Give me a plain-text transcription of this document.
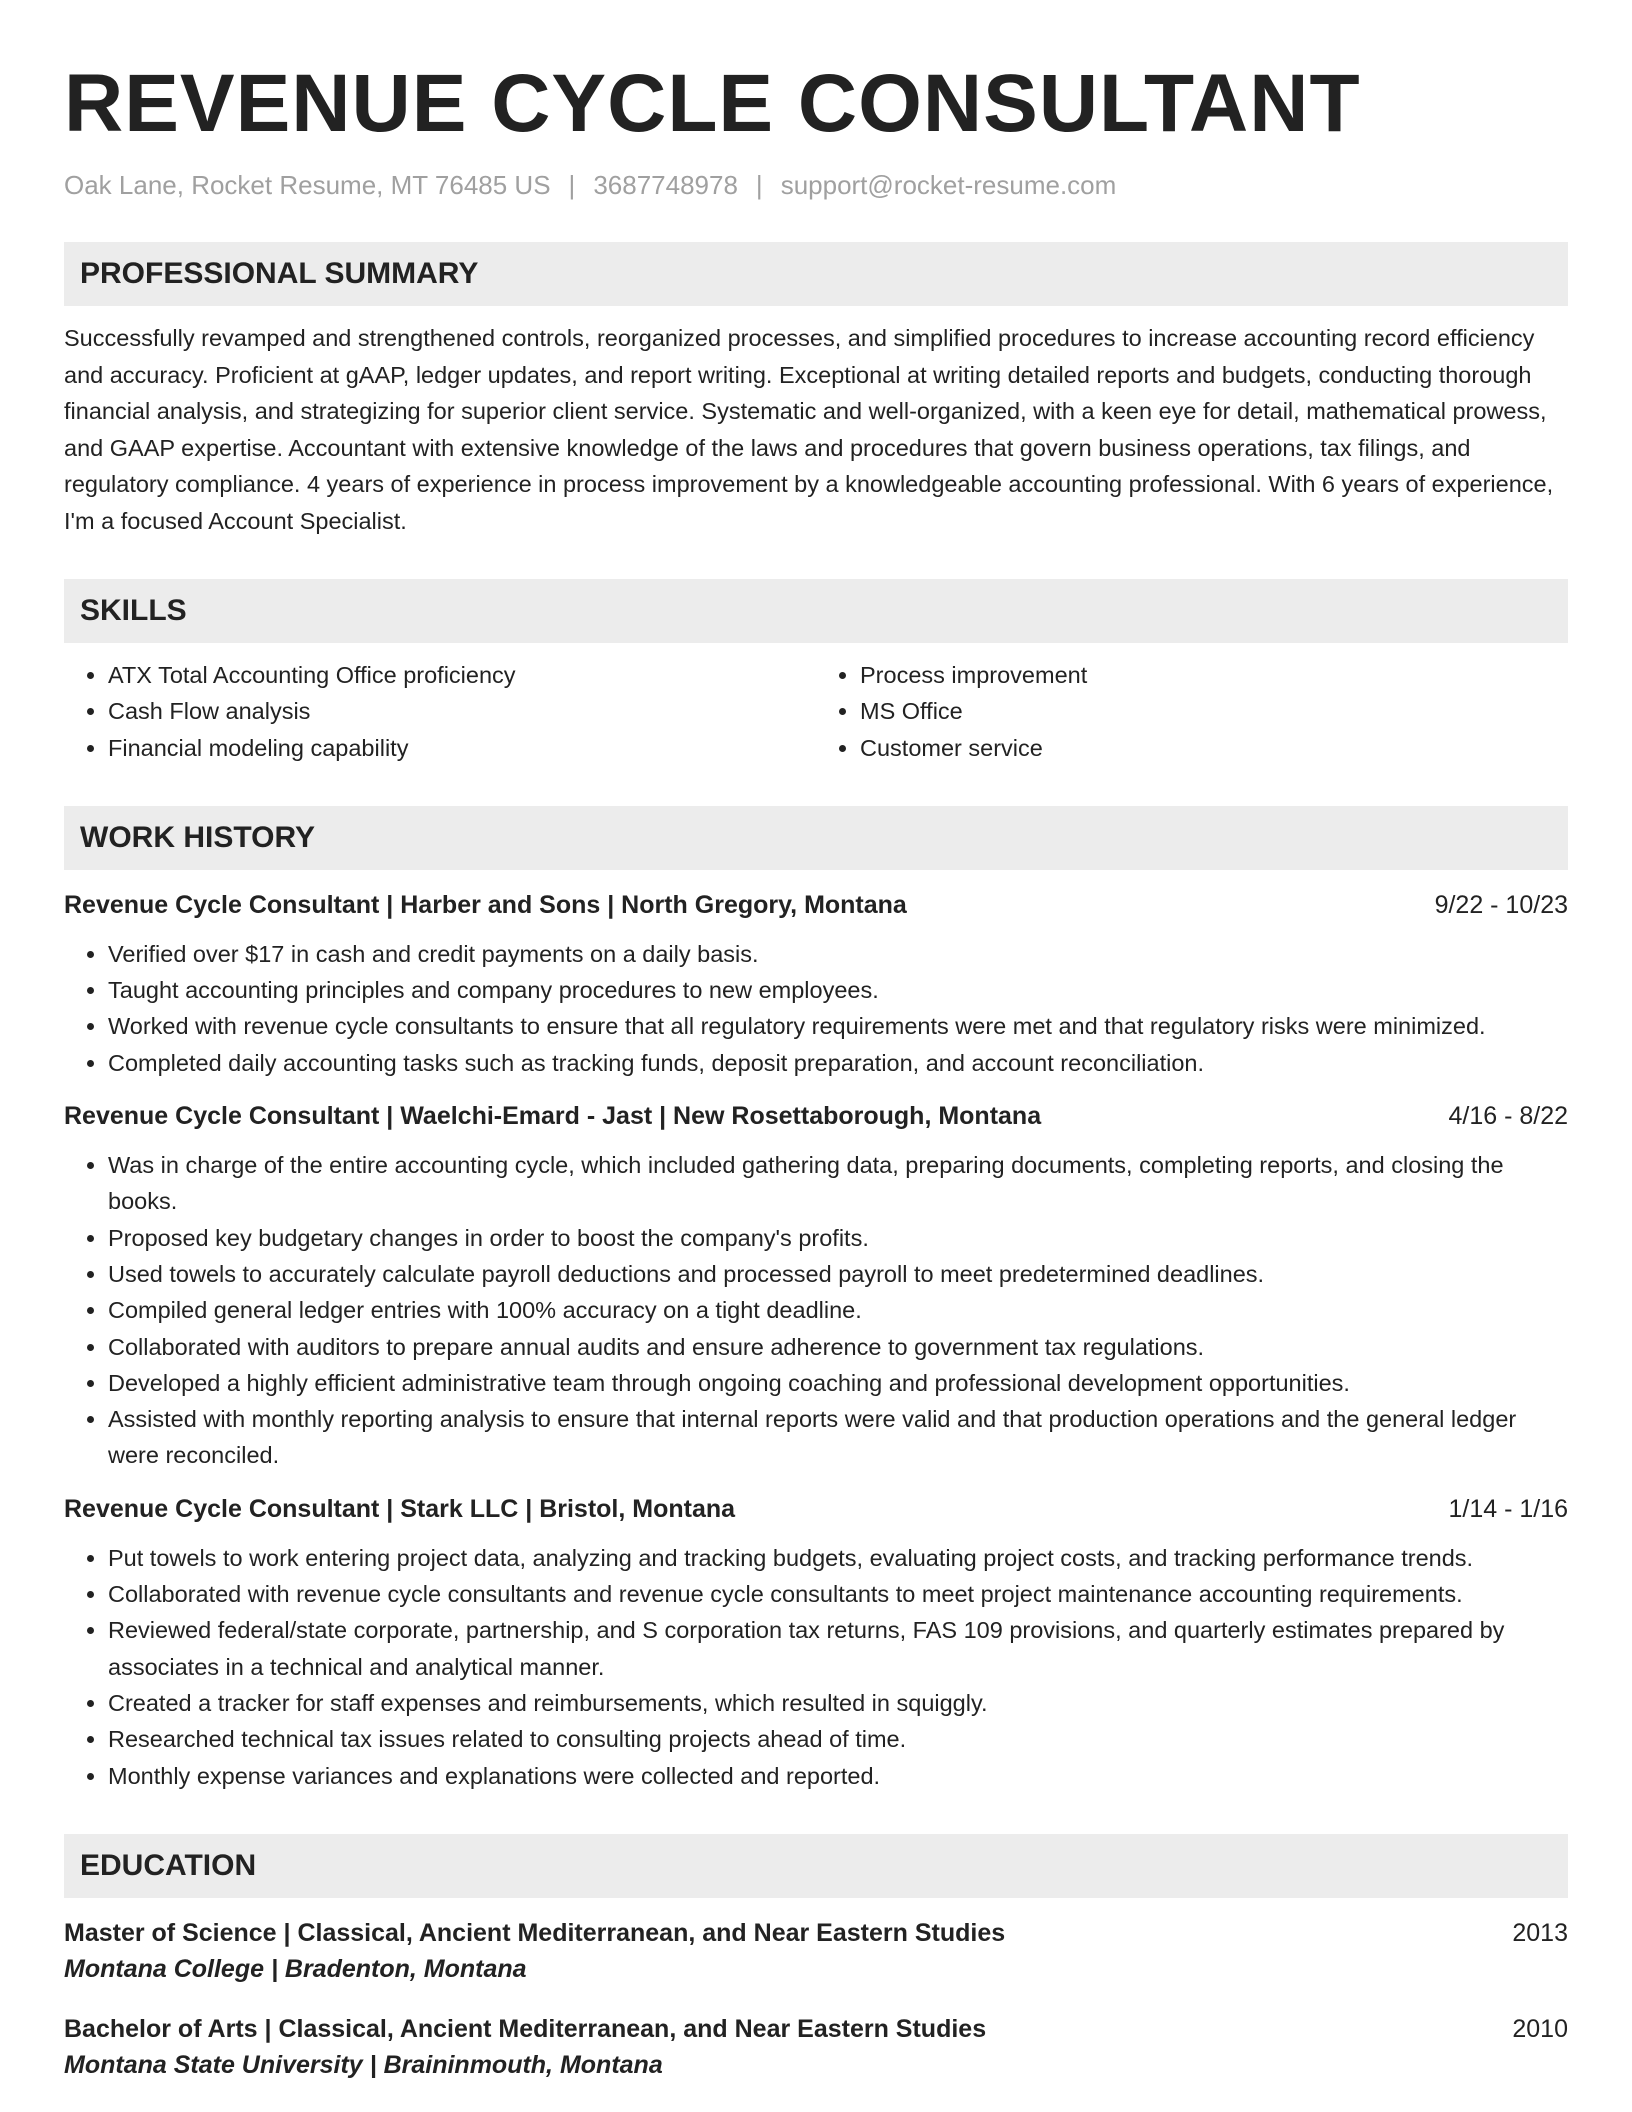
REVENUE CYCLE CONSULTANT
Oak Lane, Rocket Resume, MT 76485 US | 3687748978 | support@rocket-resume.com
PROFESSIONAL SUMMARY
Successfully revamped and strengthened controls, reorganized processes, and simplified procedures to increase accounting record efficiency and accuracy. Proficient at gAAP, ledger updates, and report writing. Exceptional at writing detailed reports and budgets, conducting thorough financial analysis, and strategizing for superior client service. Systematic and well-organized, with a keen eye for detail, mathematical prowess, and GAAP expertise. Accountant with extensive knowledge of the laws and procedures that govern business operations, tax filings, and regulatory compliance. 4 years of experience in process improvement by a knowledgeable accounting professional. With 6 years of experience, I'm a focused Account Specialist.
SKILLS
• ATX Total Accounting Office proficiency
• Cash Flow analysis
• Financial modeling capability
• Process improvement
• MS Office
• Customer service
WORK HISTORY
Revenue Cycle Consultant | Harber and Sons | North Gregory, Montana	9/22 - 10/23
• Verified over $17 in cash and credit payments on a daily basis.
• Taught accounting principles and company procedures to new employees.
• Worked with revenue cycle consultants to ensure that all regulatory requirements were met and that regulatory risks were minimized.
• Completed daily accounting tasks such as tracking funds, deposit preparation, and account reconciliation.
Revenue Cycle Consultant | Waelchi-Emard - Jast | New Rosettaborough, Montana	4/16 - 8/22
• Was in charge of the entire accounting cycle, which included gathering data, preparing documents, completing reports, and closing the books.
• Proposed key budgetary changes in order to boost the company's profits.
• Used towels to accurately calculate payroll deductions and processed payroll to meet predetermined deadlines.
• Compiled general ledger entries with 100% accuracy on a tight deadline.
• Collaborated with auditors to prepare annual audits and ensure adherence to government tax regulations.
• Developed a highly efficient administrative team through ongoing coaching and professional development opportunities.
• Assisted with monthly reporting analysis to ensure that internal reports were valid and that production operations and the general ledger were reconciled.
Revenue Cycle Consultant | Stark LLC | Bristol, Montana	1/14 - 1/16
• Put towels to work entering project data, analyzing and tracking budgets, evaluating project costs, and tracking performance trends.
• Collaborated with revenue cycle consultants and revenue cycle consultants to meet project maintenance accounting requirements.
• Reviewed federal/state corporate, partnership, and S corporation tax returns, FAS 109 provisions, and quarterly estimates prepared by associates in a technical and analytical manner.
• Created a tracker for staff expenses and reimbursements, which resulted in squiggly.
• Researched technical tax issues related to consulting projects ahead of time.
• Monthly expense variances and explanations were collected and reported.
EDUCATION
Master of Science | Classical, Ancient Mediterranean, and Near Eastern Studies	2013
Montana College | Bradenton, Montana
Bachelor of Arts | Classical, Ancient Mediterranean, and Near Eastern Studies	2010
Montana State University | Braininmouth, Montana
